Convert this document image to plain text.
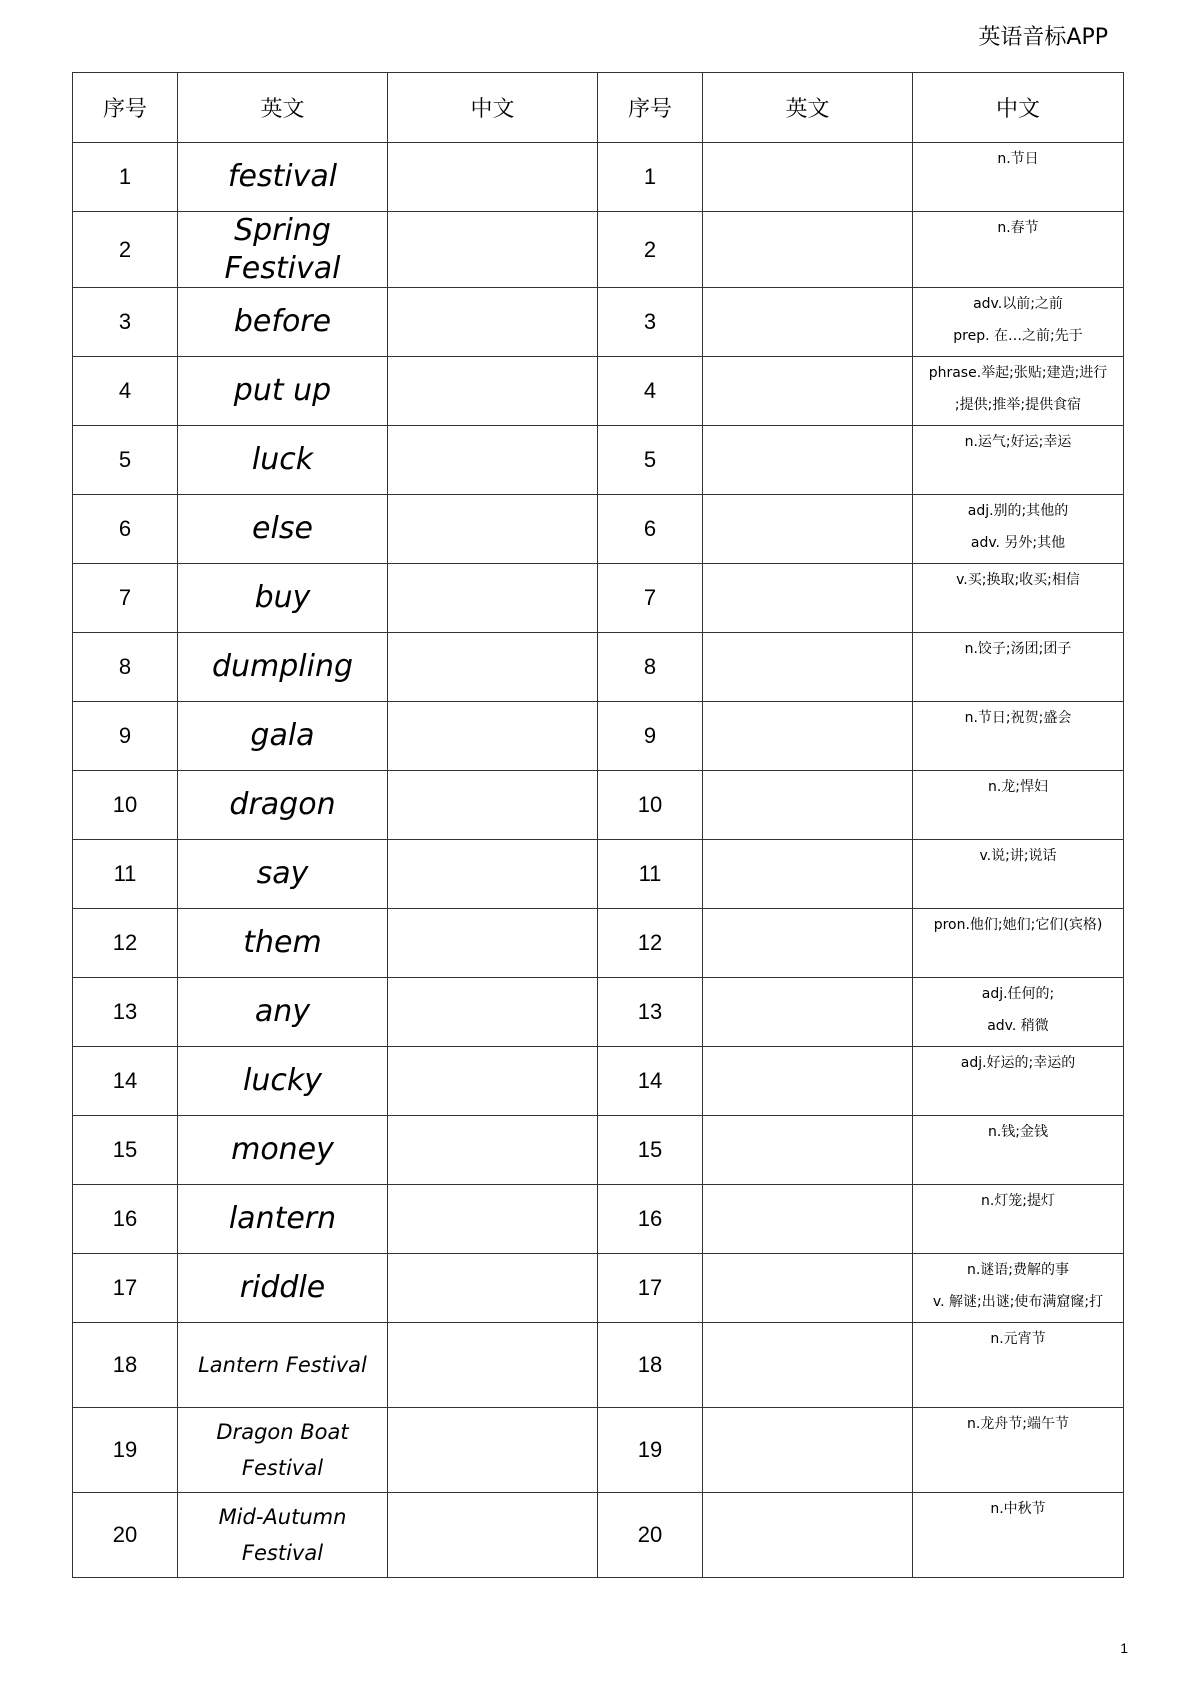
英语音标APP
序号	英文	中文	序号	英文	中文
1	festival		1		n.节日

2	Spring Festival		2		n.春节

3	before		3		adv.以前;之前
prep. 在…之前;先于

4	put up		4		phrase.举起;张贴;建造;进行
;提供;推举;提供食宿

5	luck		5		n.运气;好运;幸运

6	else		6		adj.别的;其他的
adv. 另外;其他

7	buy		7		v.买;换取;收买;相信

8	dumpling		8		n.饺子;汤团;团子

9	gala		9		n.节日;祝贺;盛会

10	dragon		10		n.龙;悍妇

11	say		11		v.说;讲;说话

12	them		12		pron.他们;她们;它们(宾格)

13	any		13		adj.任何的;
adv. 稍微

14	lucky		14		adj.好运的;幸运的

15	money		15		n.钱;金钱

16	lantern		16		n.灯笼;提灯

17	riddle		17		n.谜语;费解的事
v. 解谜;出谜;使布满窟窿;打

18	Lantern Festival		18		n.元宵节

19	Dragon Boat
Festival		19		n.龙舟节;端午节

20	Mid-Autumn
Festival		20		n.中秋节
1
